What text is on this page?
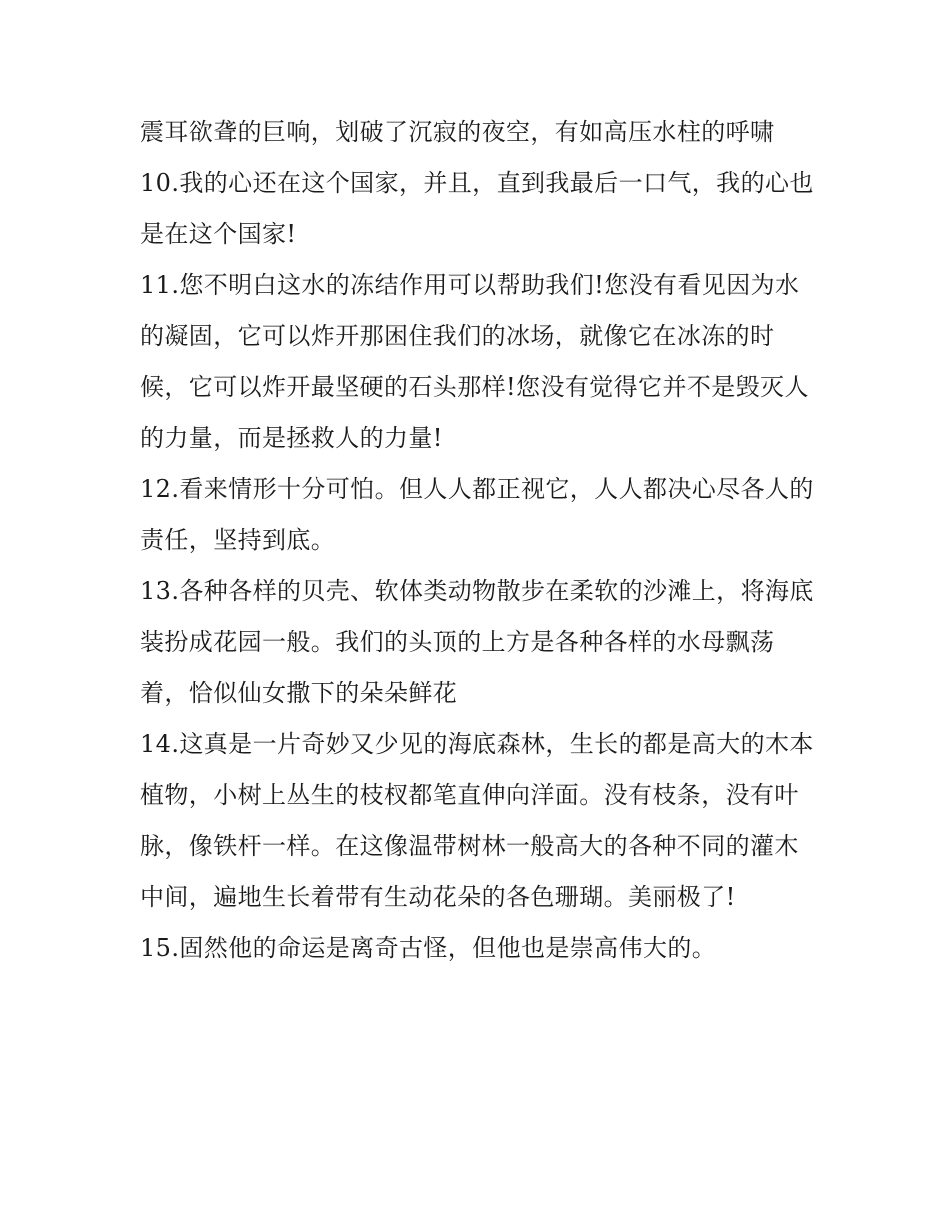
震耳欲聋的巨响，划破了沉寂的夜空，有如高压水柱的呼啸

10.我的心还在这个国家，并且，直到我最后一口气，我的心也是在这个国家!

11.您不明白这水的冻结作用可以帮助我们!您没有看见因为水的凝固，它可以炸开那困住我们的冰场，就像它在冰冻的时候，它可以炸开最坚硬的石头那样!您没有觉得它并不是毁灭人的力量，而是拯救人的力量!

12.看来情形十分可怕。但人人都正视它，人人都决心尽各人的责任，坚持到底。

13.各种各样的贝壳、软体类动物散步在柔软的沙滩上，将海底装扮成花园一般。我们的头顶的上方是各种各样的水母飘荡着，恰似仙女撒下的朵朵鲜花

14.这真是一片奇妙又少见的海底森林，生长的都是高大的木本植物，小树上丛生的枝杈都笔直伸向洋面。没有枝条，没有叶脉，像铁杆一样。在这像温带树林一般高大的各种不同的灌木中间，遍地生长着带有生动花朵的各色珊瑚。美丽极了!

15.固然他的命运是离奇古怪，但他也是崇高伟大的。
